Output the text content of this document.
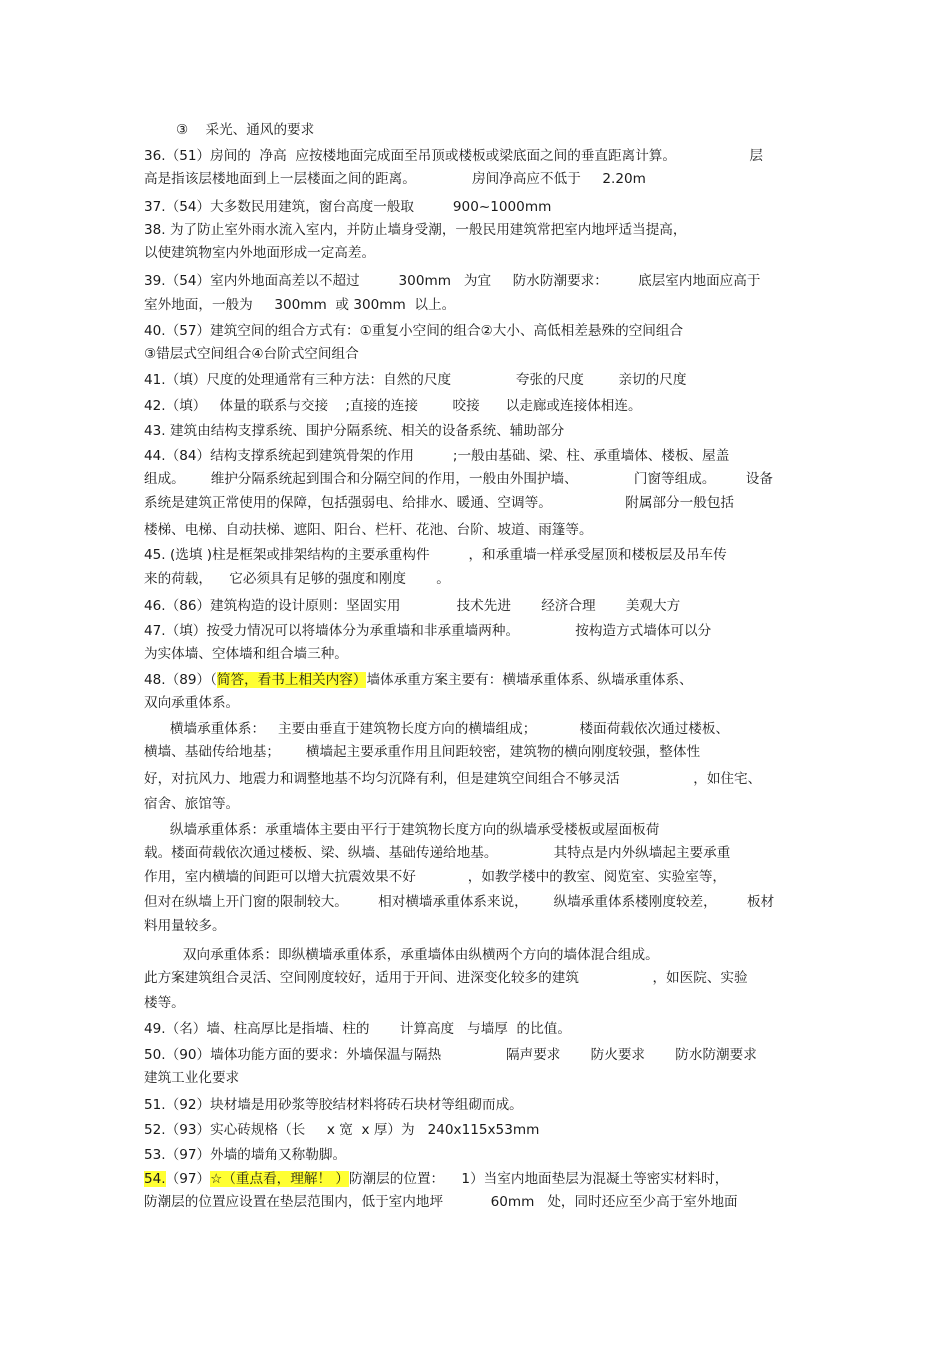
③    采光、通风的要求
36.（51）房间的  净高  应按楼地面完成面至吊顶或楼板或梁底面之间的垂直距离计算。                 层
高是指该层楼地面到上一层楼面之间的距离。             房间净高应不低于     2.20m
37.（54）大多数民用建筑，窗台高度一般取         900~1000mm
38. 为了防止室外雨水流入室内，并防止墙身受潮，一般民用建筑常把室内地坪适当提高，
以使建筑物室内外地面形成一定高差。
39.（54）室内外地面高差以不超过         300mm   为宜     防水防潮要求：       底层室内地面应高于
室外地面，一般为     300mm  或 300mm  以上。
40.（57）建筑空间的组合方式有：①重复小空间的组合②大小、高低相差悬殊的空间组合
③错层式空间组合④台阶式空间组合
41.（填）尺度的处理通常有三种方法：自然的尺度               夸张的尺度        亲切的尺度
42.（填）   体量的联系与交接    ;直接的连接        咬接      以走廊或连接体相连。
43. 建筑由结构支撑系统、围护分隔系统、相关的设备系统、辅助部分
44.（84）结构支撑系统起到建筑骨架的作用         ;一般由基础、梁、柱、承重墙体、楼板、屋盖
组成。      维护分隔系统起到围合和分隔空间的作用，一般由外围护墙、             门窗等组成。       设备
系统是建筑正常使用的保障，包括强弱电、给排水、暖通、空调等。                 附属部分一般包括
楼梯、电梯、自动扶梯、遮阳、阳台、栏杆、花池、台阶、坡道、雨篷等。
45. (选填 )柱是框架或排架结构的主要承重构件         ，和承重墙一样承受屋顶和楼板层及吊车传
来的荷载，    它必须具有足够的强度和刚度       。
46.（86）建筑构造的设计原则：坚固实用             技术先进       经济合理       美观大方
47.（填）按受力情况可以将墙体分为承重墙和非承重墙两种。             按构造方式墙体可以分
为实体墙、空体墙和组合墙三种。
48.（89）（简答，看书上相关内容）墙体承重方案主要有：横墙承重体系、纵墙承重体系、
双向承重体系。
横墙承重体系：   主要由垂直于建筑物长度方向的横墙组成；          楼面荷载依次通过楼板、
横墙、基础传给地基；      横墙起主要承重作用且间距较密，建筑物的横向刚度较强，整体性
好，对抗风力、地震力和调整地基不均匀沉降有利，但是建筑空间组合不够灵活                 ，如住宅、
宿舍、旅馆等。
纵墙承重体系：承重墙体主要由平行于建筑物长度方向的纵墙承受楼板或屋面板荷
载。楼面荷载依次通过楼板、梁、纵墙、基础传递给地基。             其特点是内外纵墙起主要承重
作用，室内横墙的间距可以增大抗震效果不好            ，如教学楼中的教室、阅览室、实验室等，
但对在纵墙上开门窗的限制较大。       相对横墙承重体系来说，      纵墙承重体系楼刚度较差，       板材
料用量较多。
双向承重体系：即纵横墙承重体系，承重墙体由纵横两个方向的墙体混合组成。
此方案建筑组合灵活、空间刚度较好，适用于开间、进深变化较多的建筑                 ，如医院、实验
楼等。
49.（名）墙、柱高厚比是指墙、柱的       计算高度   与墙厚  的比值。
50.（90）墙体功能方面的要求：外墙保温与隔热               隔声要求       防火要求       防水防潮要求
建筑工业化要求
51.（92）块材墙是用砂浆等胶结材料将砖石块材等组砌而成。
52.（93）实心砖规格（长     x 宽  x 厚）为   240x115x53mm
53.（97）外墙的墙角又称勒脚。
54.（97）☆（重点看，理解！ ）防潮层的位置：    1）当室内地面垫层为混凝土等密实材料时，
防潮层的位置应设置在垫层范围内，低于室内地坪           60mm   处，同时还应至少高于室外地面
